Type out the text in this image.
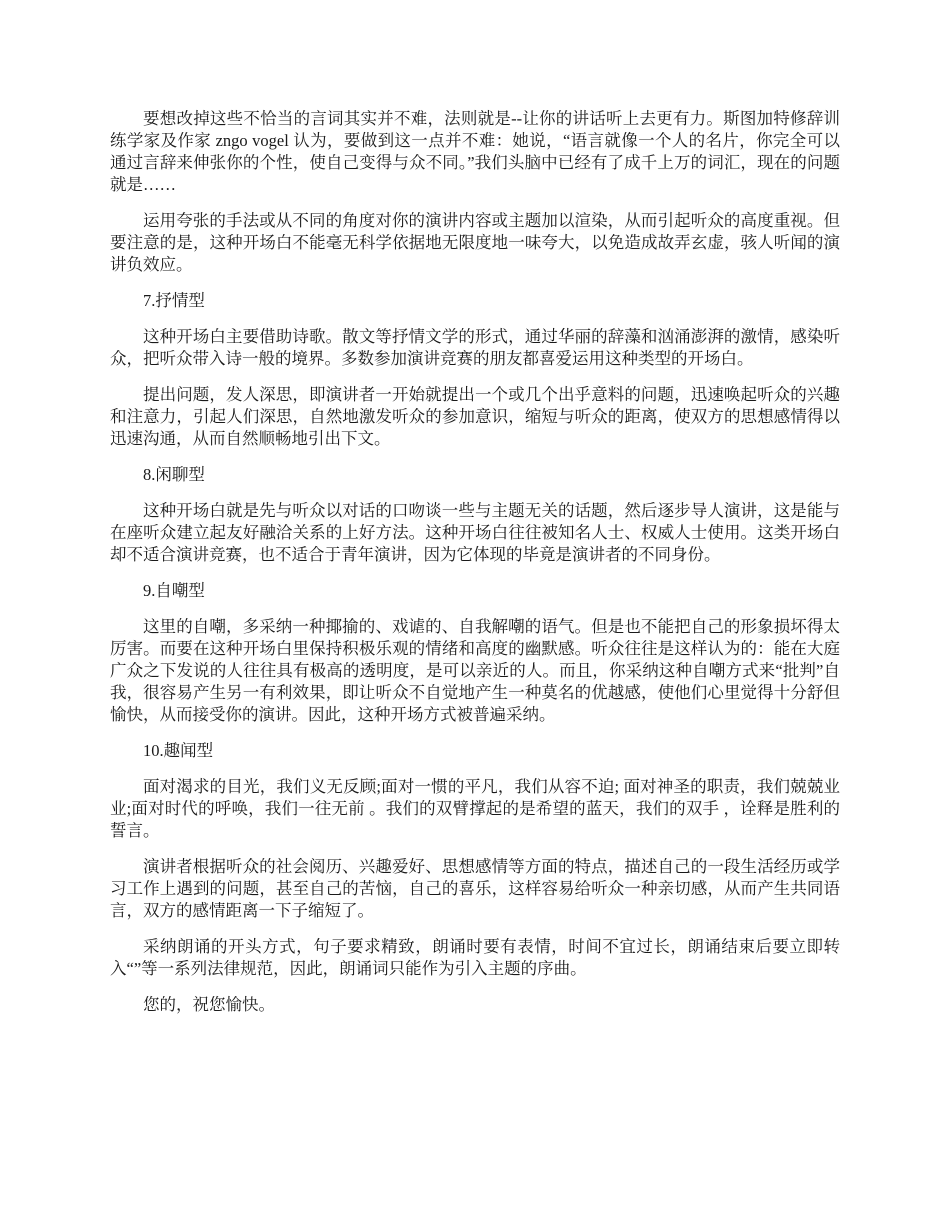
要想改掉这些不恰当的言词其实并不难，法则就是--让你的讲话听上去更有力。斯图加特修辞训练学家及作家 zngo vogel 认为，要做到这一点并不难：她说，“语言就像一个人的名片，你完全可以通过言辞来伸张你的个性，使自己变得与众不同。”我们头脑中已经有了成千上万的词汇，现在的问题就是……

运用夸张的手法或从不同的角度对你的演讲内容或主题加以渲染，从而引起听众的高度重视。但要注意的是，这种开场白不能毫无科学依据地无限度地一味夸大，以免造成故弄玄虚，骇人听闻的演讲负效应。

7.抒情型

这种开场白主要借助诗歌。散文等抒情文学的形式，通过华丽的辞藻和汹涌澎湃的激情，感染听众，把听众带入诗一般的境界。多数参加演讲竞赛的朋友都喜爱运用这种类型的开场白。

提出问题，发人深思，即演讲者一开始就提出一个或几个出乎意料的问题，迅速唤起听众的兴趣和注意力，引起人们深思，自然地激发听众的参加意识，缩短与听众的距离，使双方的思想感情得以迅速沟通，从而自然顺畅地引出下文。

8.闲聊型

这种开场白就是先与听众以对话的口吻谈一些与主题无关的话题，然后逐步导人演讲，这是能与在座听众建立起友好融洽关系的上好方法。这种开场白往往被知名人士、权威人士使用。这类开场白却不适合演讲竞赛，也不适合于青年演讲，因为它体现的毕竟是演讲者的不同身份。

9.自嘲型

这里的自嘲，多采纳一种揶揄的、戏谑的、自我解嘲的语气。但是也不能把自己的形象损坏得太厉害。而要在这种开场白里保持积极乐观的情绪和高度的幽默感。听众往往是这样认为的：能在大庭广众之下发说的人往往具有极高的透明度，是可以亲近的人。而且，你采纳这种自嘲方式来“批判”自我，很容易产生另一有利效果，即让听众不自觉地产生一种莫名的优越感，使他们心里觉得十分舒但愉快，从而接受你的演讲。因此，这种开场方式被普遍采纳。

10.趣闻型

面对渴求的目光，我们义无反顾;面对一惯的平凡，我们从容不迫; 面对神圣的职责，我们兢兢业业;面对时代的呼唤，我们一往无前 。我们的双臂撑起的是希望的蓝天，我们的双手 ，诠释是胜利的誓言。

演讲者根据听众的社会阅历、兴趣爱好、思想感情等方面的特点，描述自己的一段生活经历或学习工作上遇到的问题，甚至自己的苦恼，自己的喜乐，这样容易给听众一种亲切感，从而产生共同语言，双方的感情距离一下子缩短了。

采纳朗诵的开头方式，句子要求精致，朗诵时要有表情，时间不宜过长，朗诵结束后要立即转入“”等一系列法律规范，因此，朗诵词只能作为引入主题的序曲。

您的，祝您愉快。
